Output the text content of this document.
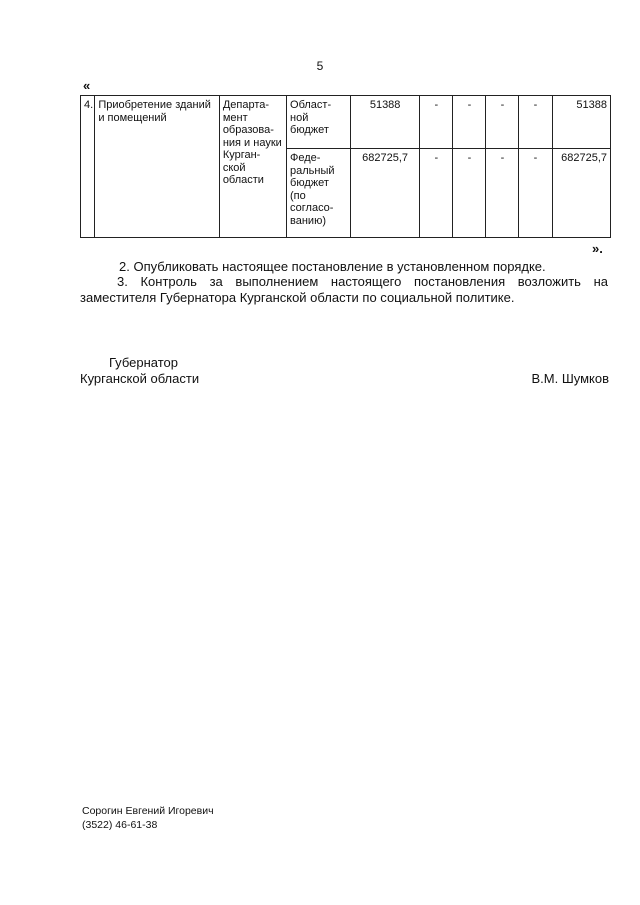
5
«
4.	Приобретение зданий и помещений	Департа-мент образова-ния и науки Курган-ской области	Област-ной бюджет	51388	-	-	-	-	51388
			Феде-ральный бюджет (по согласо-ванию)	682725,7	-	-	-	-	682725,7
».
2. Опубликовать настоящее постановление в установленном порядке.
3. Контроль за выполнением настоящего постановления возложить на
заместителя Губернатора Курганской области по социальной политике.
Губернатор
Курганской области	В.М. Шумков
Сорогин Евгений Игоревич
(3522) 46-61-38
